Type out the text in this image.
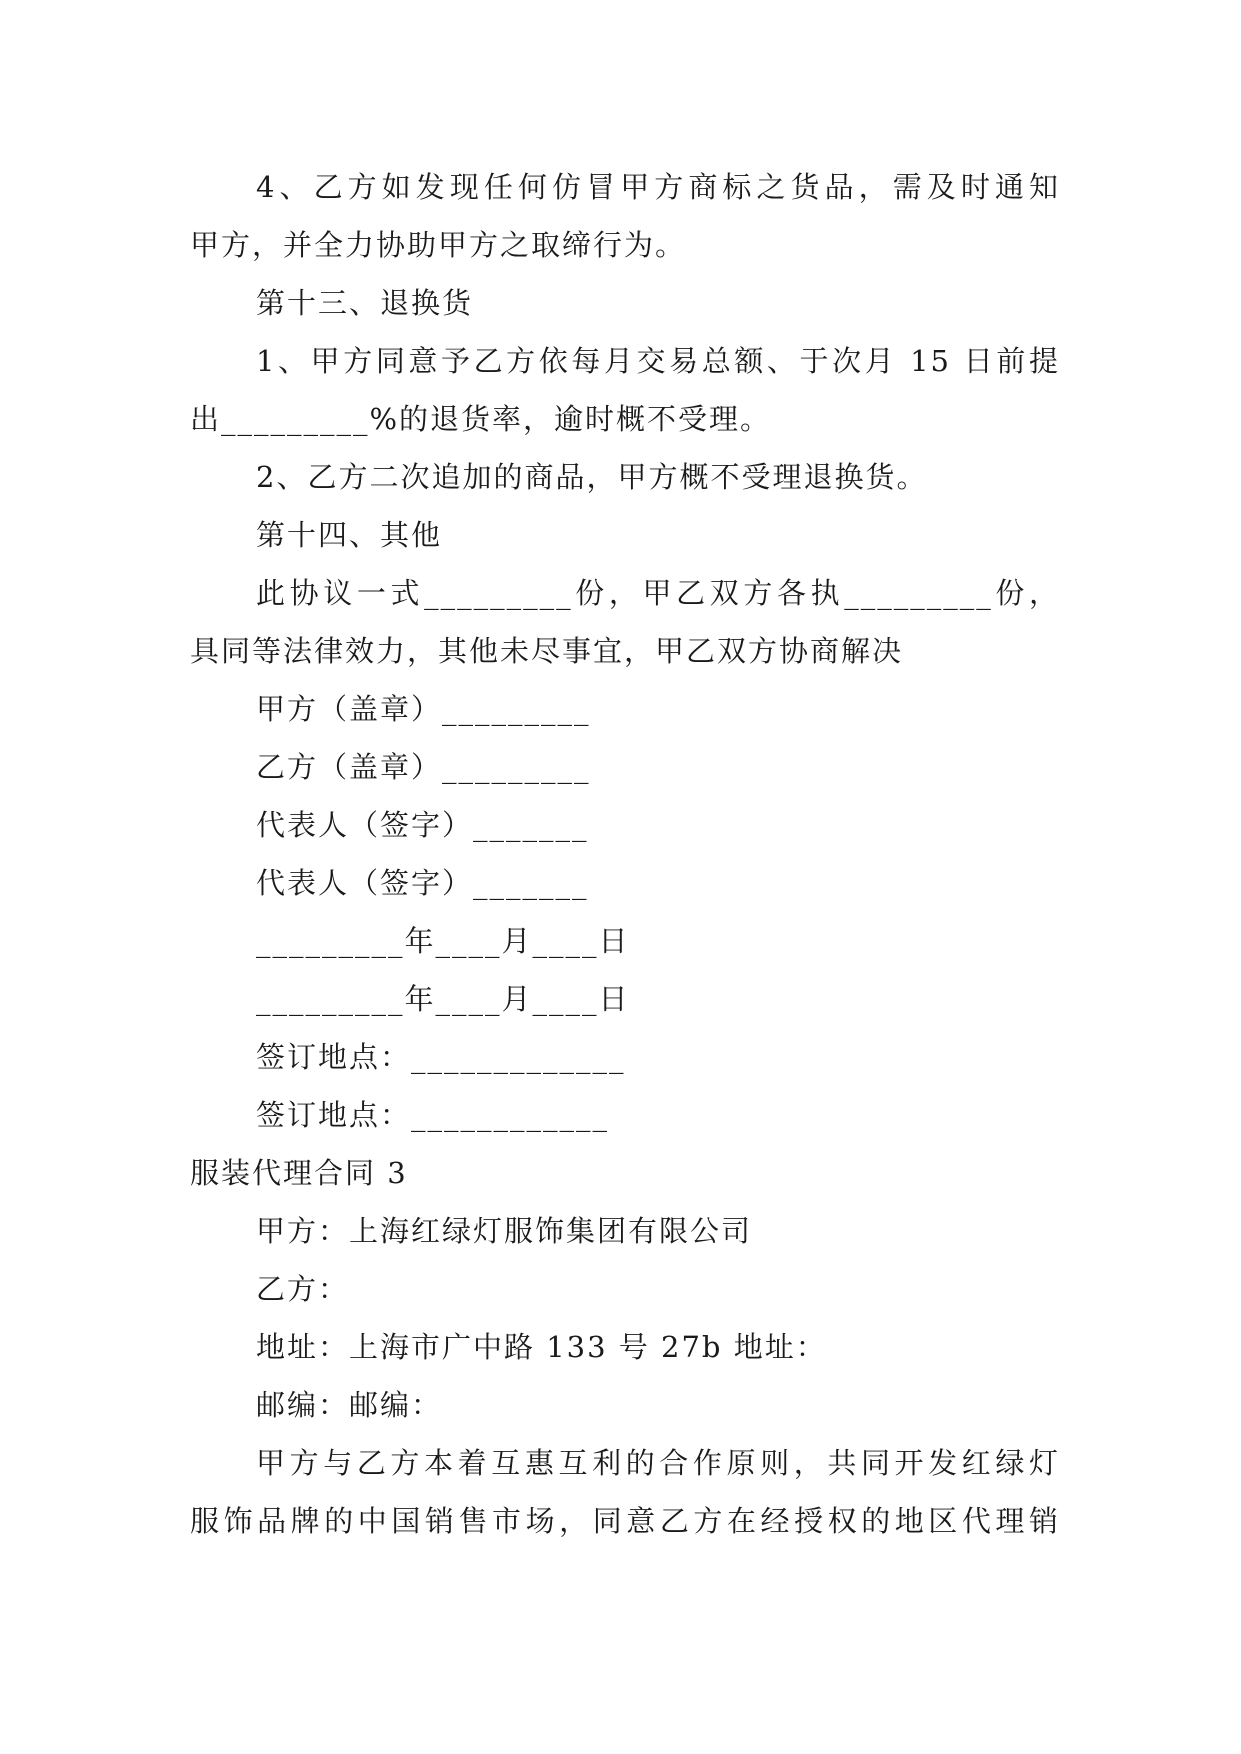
4、乙方如发现任何仿冒甲方商标之货品，需及时通知
甲方，并全力协助甲方之取缔行为。
第十三、退换货
1、甲方同意予乙方依每月交易总额、于次月 15 日前提
出_________%的退货率，逾时概不受理。
2、乙方二次追加的商品，甲方概不受理退换货。
第十四、其他
此协议一式_________份，甲乙双方各执_________份，
具同等法律效力，其他未尽事宜，甲乙双方协商解决
甲方（盖章）_________
乙方（盖章）_________
代表人（签字）_______
代表人（签字）_______
_________年____月____日
_________年____月____日
签订地点：_____________
签订地点：____________
服装代理合同 3
甲方：上海红绿灯服饰集团有限公司
乙方：
地址：上海市广中路 133 号 27b 地址：
邮编：邮编：
甲方与乙方本着互惠互利的合作原则，共同开发红绿灯
服饰品牌的中国销售市场，同意乙方在经授权的地区代理销
